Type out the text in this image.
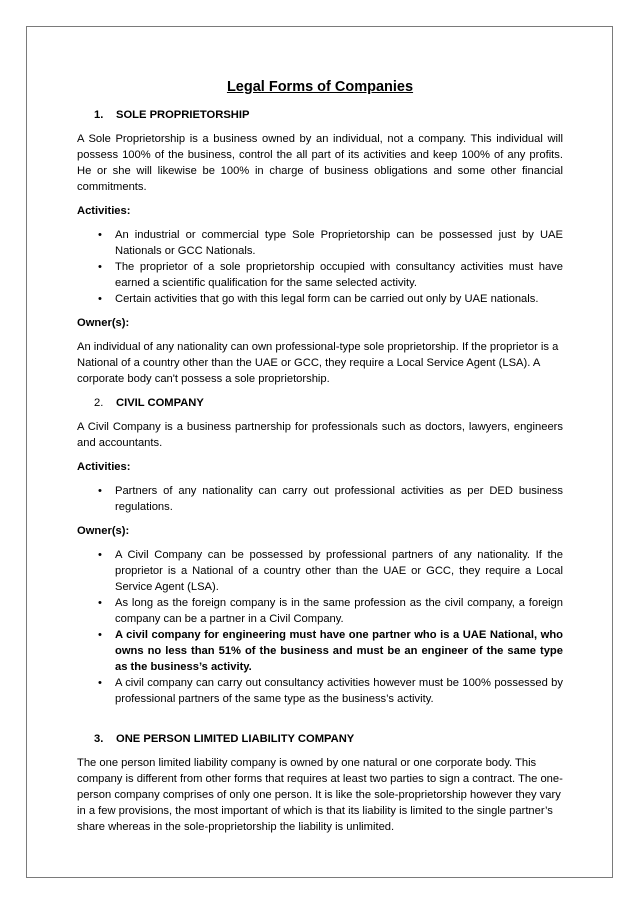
Legal Forms of Companies
1.	SOLE PROPRIETORSHIP
A Sole Proprietorship is a business owned by an individual, not a company. This individual will possess 100% of the business, control the all part of its activities and keep 100% of any profits. He or she will likewise be 100% in charge of business obligations and some other financial commitments.
Activities:
•	An industrial or commercial type Sole Proprietorship can be possessed just by UAE Nationals or GCC Nationals.
•	The proprietor of a sole proprietorship occupied with consultancy activities must have earned a scientific qualification for the same selected activity.
•	Certain activities that go with this legal form can be carried out only by UAE nationals.
Owner(s):
An individual of any nationality can own professional-type sole proprietorship. If the proprietor is a National of a country other than the UAE or GCC, they require a Local Service Agent (LSA). A corporate body can't possess a sole proprietorship.
2.	CIVIL COMPANY
A Civil Company is a business partnership for professionals such as doctors, lawyers, engineers and accountants.
Activities:
•	Partners of any nationality can carry out professional activities as per DED business regulations.
Owner(s):
•	A Civil Company can be possessed by professional partners of any nationality. If the proprietor is a National of a country other than the UAE or GCC, they require a Local Service Agent (LSA).
•	As long as the foreign company is in the same profession as the civil company, a foreign company can be a partner in a Civil Company.
•	A civil company for engineering must have one partner who is a UAE National, who owns no less than 51% of the business and must be an engineer of the same type as the business’s activity.
•	A civil company can carry out consultancy activities however must be 100% possessed by professional partners of the same type as the business’s activity.
3.	ONE PERSON LIMITED LIABILITY COMPANY
The one person limited liability company is owned by one natural or one corporate body. This company is different from other forms that requires at least two parties to sign a contract. The one-person company comprises of only one person. It is like the sole-proprietorship however they vary in a few provisions, the most important of which is that its liability is limited to the single partner’s share whereas in the sole-proprietorship the liability is unlimited.
